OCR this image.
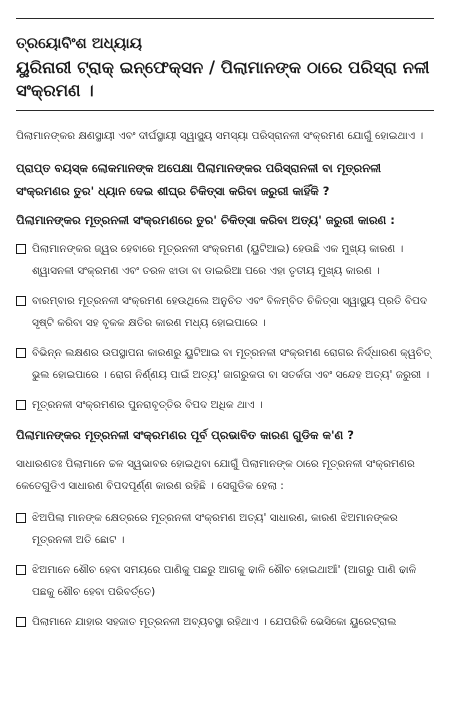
ତ୍ରୟୋବିଂଶ ଅଧ୍ୟାୟ
ୟୁରିନାରୀ ଟ୍ରାକ୍ ଇନ୍ଫେକ୍ସନ / ପିଲାମାନଙ୍କ ଠାରେ ପରିସ୍ରା ନଳୀ ସଂକ୍ରମଣ ।

ପିଲାମାନଙ୍କର କ୍ଷଣସ୍ଥାୟୀ ଏବଂ ଦୀର୍ଘସ୍ଥାୟୀ ସ୍ୱାସ୍ଥ୍ୟ ସମସ୍ୟା ପରିସ୍ରାନଳୀ ସଂକ୍ରମଣ ଯୋଗୁଁ ହୋଇଥାଏ ।

ପ୍ରାପ୍ତ ବୟସ୍କ ଲୋକମାନଙ୍କ ଅପେକ୍ଷା ପିଲାମାନଙ୍କର ପରିସ୍ରାନଳୀ ବା ମୂତ୍ରନଳୀ ସଂକ୍ରମଣର ତୁର' ଧ୍ୟାନ ଦେଇ ଶୀଘ୍ର ଚିକିତ୍ସା କରିବା ଜରୁରୀ କାହିଁକି ?

ପିଲାମାନଙ୍କର ମୂତ୍ରନଳୀ ସଂକ୍ରମଣରେ ତୁର' ଚିକିତ୍ସା କରିବା ଅତ୍ୟ' ଜରୁରୀ କାରଣ :

ପିଲାମାନଙ୍କର ଜ୍ୱର ହେବାରେ ମୂତ୍ରନଳୀ ସଂକ୍ରମଣ (ୟୁଟିଆଇ) ହେଉଛି ଏକ ମୁଖ୍ୟ କାରଣ । ଶ୍ୱାସନଳୀ ସଂକ୍ରମଣ ଏବଂ ତରଳ ଝାଡା ବା ଡାଇରିଆ ପରେ ଏହା ତୃତୀୟ ମୁଖ୍ୟ କାରଣ ।
ବାରମ୍ବାର ମୂତ୍ରନଳୀ ସଂକ୍ରମଣ ହେଉଥିଲେ ଅନୁଚିତ ଏବଂ ବିଳମ୍ବିତ ଚିକିତ୍ସା ସ୍ୱାସ୍ଥ୍ୟ ପ୍ରତି ବିପଦ ସୃଷ୍ଟି କରିବା ସହ ବୃକକ କ୍ଷତିର କାରଣ ମଧ୍ୟ ହୋଇପାରେ ।
ବିଭିନ୍ନ ଲକ୍ଷଣର ଉପସ୍ଥାପନା କାରଣରୁ ୟୁଟିଆଇ ବା ମୂତ୍ରନଳୀ ସଂକ୍ରମଣ ରୋଗର ନିର୍ଦ୍ଧାରଣ କ୍ୱଚିତ୍ ଭୁଲ ହୋଇପାରେ । ରୋଗ ନିର୍ଣ୍ଣୟ ପାଇଁ ଅତ୍ୟ' ଜାଗରୁକତା ବା ସତର୍କତା ଏବଂ ସନ୍ଦେହ ଅତ୍ୟ' ଜରୁରୀ ।
ମୂତ୍ରନଳୀ ସଂକ୍ରମଣର ପୁନରାବୃତ୍ତିର ବିପଦ ଅଧିକ ଥାଏ ।

ପିଲାମାନଙ୍କର ମୂତ୍ରନଳୀ ସଂକ୍ରମଣର ପୂର୍ବ ପ୍ରଭାବିତ କାରଣ ଗୁଡିକ କ'ଣ ?

ସାଧାରଣତଃ ପିଲାମାନେ ଚ୍ଚଳ ସ୍ୱଭାବର ହୋଇଥିବା ଯୋଗୁଁ ପିଲାମାନଙ୍କ ଠାରେ ମୂତ୍ରନଳୀ ସଂକ୍ରମଣର କେତେଗୁଡିଏ ସାଧାରଣ ବିପଦପୂର୍ଣ୍ଣ କାରଣ ରହିଛି । ସେଗୁଡିକ ହେଲା :

ଝିଅପିଲା ମାନଙ୍କ କ୍ଷେତ୍ରରେ ମୂତ୍ରନଳୀ ସଂକ୍ରମଣ ଅତ୍ୟ' ସାଧାରଣ, କାରଣ ଝିଅମାନଙ୍କର ମୂତ୍ରନଳୀ ଅତି ଛୋଟ ।
ଝିଅମାନେ ଶୌଚ ହେବା ସମୟରେ ପାଣିକୁ ପଛରୁ ଆଗକୁ ଢାଳି ଶୌଚ ହୋଇଥାଆଁ' (ଆଗରୁ ପାଣି ଢାଳି ପଛକୁ ଶୌଚ ହେବା ପରିବର୍ତ୍ତେ)
ପିଲାମାନେ ଯାହାର ସହଜାତ ମୂତ୍ରନଳୀ ଅବ୍ୟବସ୍ଥା ରହିଥାଏ । ଯେପରିକି ଭେସିକୋ ୟୁରେଟ୍ରାଲ
